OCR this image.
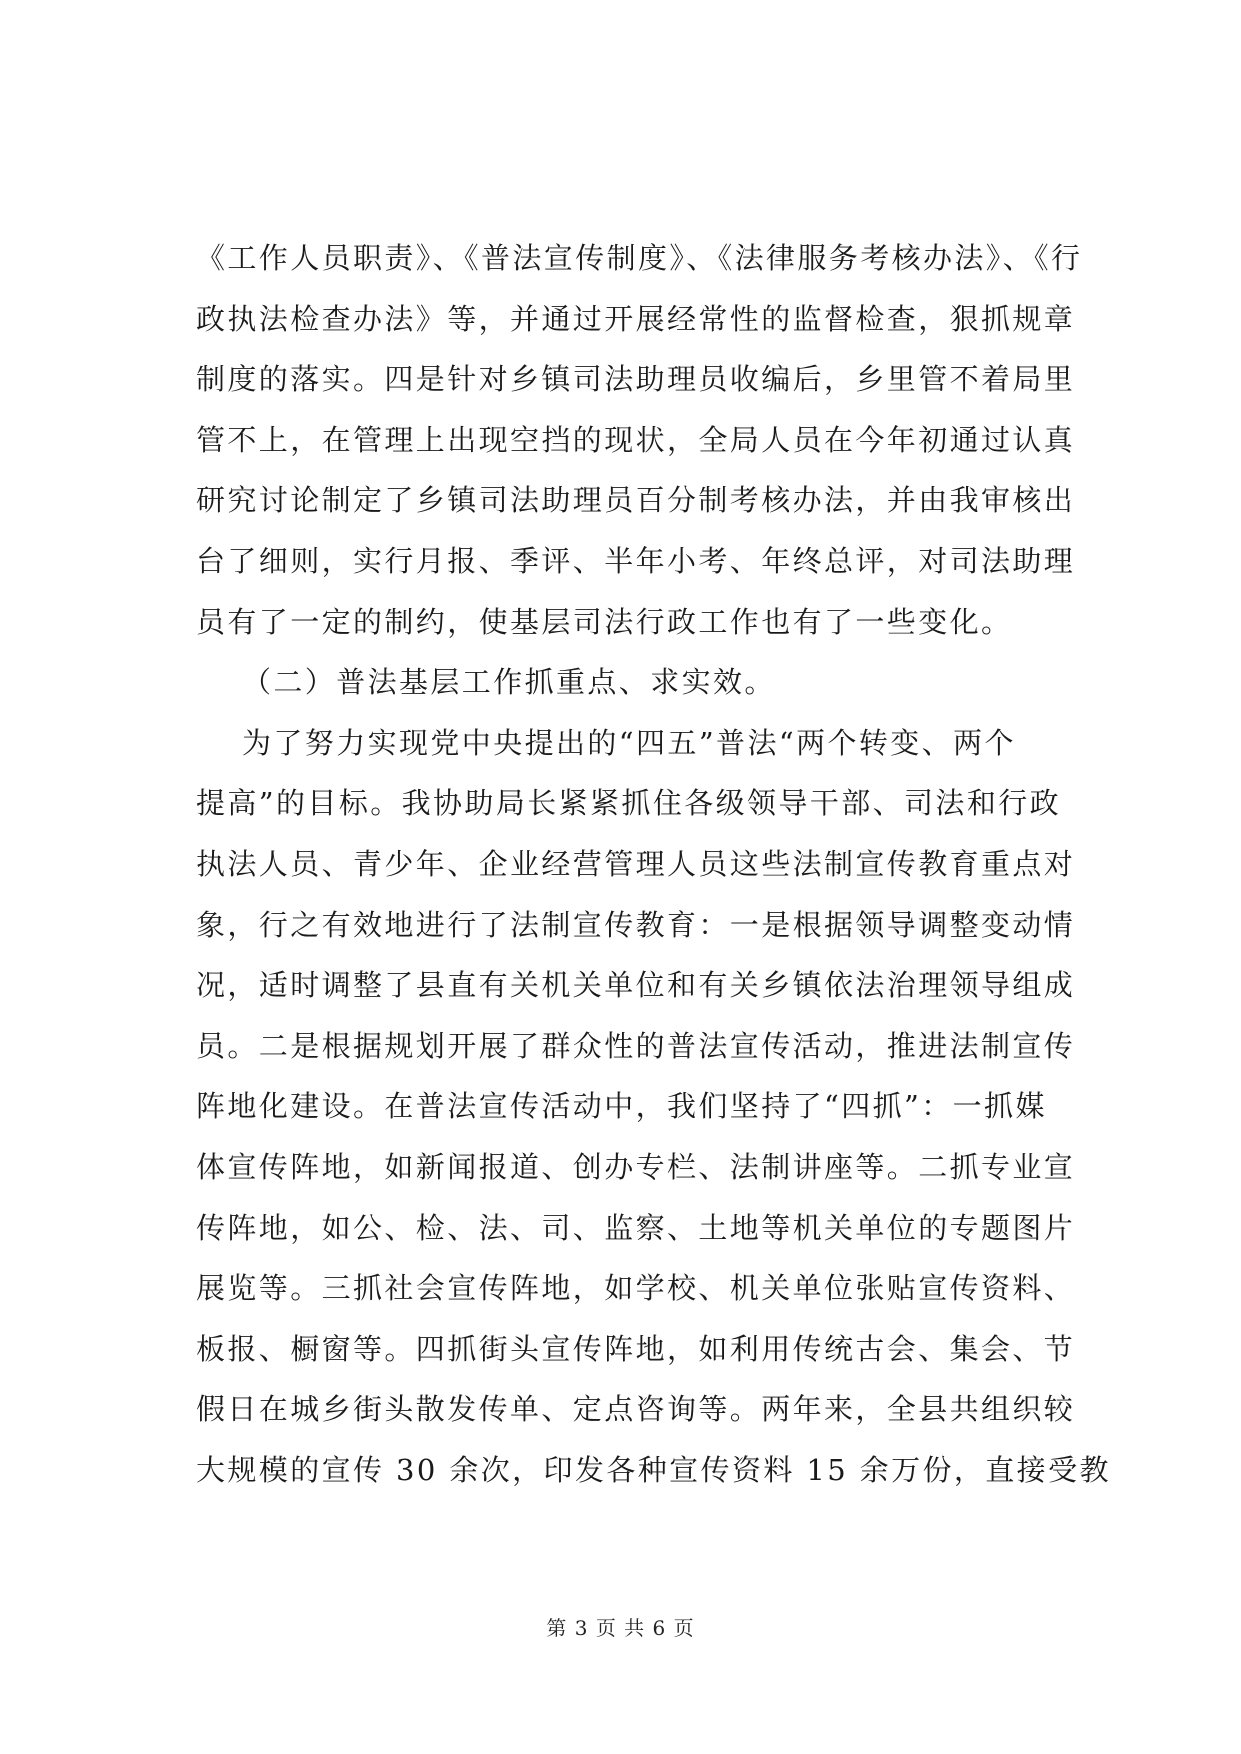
《工作人员职责》、《普法宣传制度》、《法律服务考核办法》、《行
政执法检查办法》等，并通过开展经常性的监督检查，狠抓规章
制度的落实。四是针对乡镇司法助理员收编后，乡里管不着局里
管不上，在管理上出现空挡的现状，全局人员在今年初通过认真
研究讨论制定了乡镇司法助理员百分制考核办法，并由我审核出
台了细则，实行月报、季评、半年小考、年终总评，对司法助理
员有了一定的制约，使基层司法行政工作也有了一些变化。
（二）普法基层工作抓重点、求实效。
为了努力实现党中央提出的“四五”普法“两个转变、两个
提高”的目标。我协助局长紧紧抓住各级领导干部、司法和行政
执法人员、青少年、企业经营管理人员这些法制宣传教育重点对
象，行之有效地进行了法制宣传教育：一是根据领导调整变动情
况，适时调整了县直有关机关单位和有关乡镇依法治理领导组成
员。二是根据规划开展了群众性的普法宣传活动，推进法制宣传
阵地化建设。在普法宣传活动中，我们坚持了“四抓”：一抓媒
体宣传阵地，如新闻报道、创办专栏、法制讲座等。二抓专业宣
传阵地，如公、检、法、司、监察、土地等机关单位的专题图片
展览等。三抓社会宣传阵地，如学校、机关单位张贴宣传资料、
板报、橱窗等。四抓街头宣传阵地，如利用传统古会、集会、节
假日在城乡街头散发传单、定点咨询等。两年来，全县共组织较
大规模的宣传 30 余次，印发各种宣传资料 15 余万份，直接受教
第 3 页 共 6 页
